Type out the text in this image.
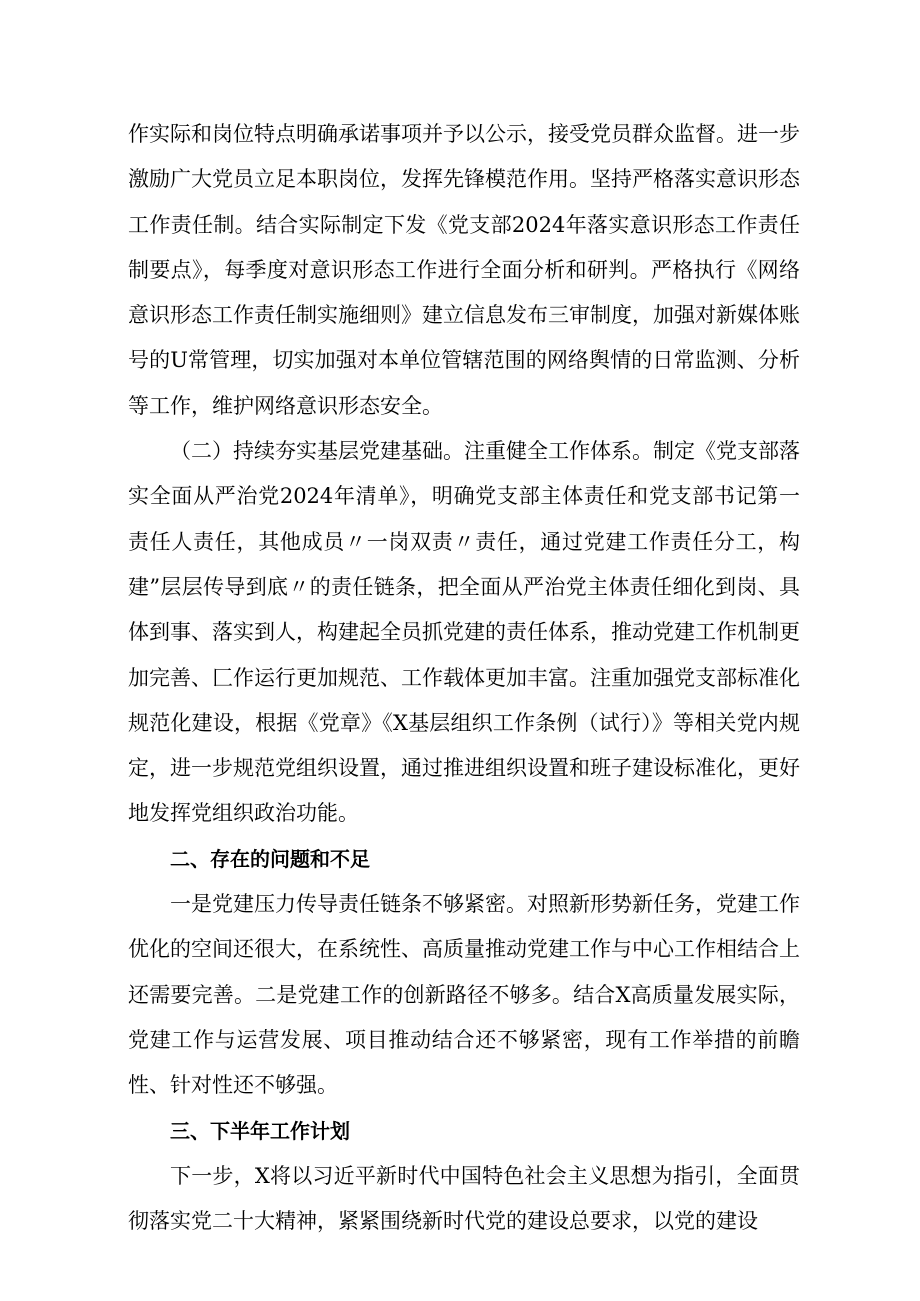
作实际和岗位特点明确承诺事项并予以公示，接受党员群众监督。进一步激励广大党员立足本职岗位，发挥先锋模范作用。坚持严格落实意识形态工作责任制。结合实际制定下发《党支部2024年落实意识形态工作责任制要点》，每季度对意识形态工作进行全面分析和研判。严格执行《网络意识形态工作责任制实施细则》建立信息发布三审制度，加强对新媒体账号的U常管理，切实加强对本单位管辖范围的网络舆情的日常监测、分析等工作，维护网络意识形态安全。

（二）持续夯实基层党建基础。注重健全工作体系。制定《党支部落实全面从严治党2024年清单》，明确党支部主体责任和党支部书记第一责任人责任，其他成员〃一岗双责〃责任，通过党建工作责任分工，构建”层层传导到底〃的责任链条，把全面从严治党主体责任细化到岗、具体到事、落实到人，构建起全员抓党建的责任体系，推动党建工作机制更加完善、匚作运行更加规范、工作载体更加丰富。注重加强党支部标准化规范化建设，根据《党章》《X基层组织工作条例（试行）》等相关党内规定，进一步规范党组织设置，通过推进组织设置和班子建设标准化，更好地发挥党组织政治功能。

二、存在的问题和不足

一是党建压力传导责任链条不够紧密。对照新形势新任务，党建工作优化的空间还很大，在系统性、高质量推动党建工作与中心工作相结合上还需要完善。二是党建工作的创新路径不够多。结合X高质量发展实际，党建工作与运营发展、项目推动结合还不够紧密，现有工作举措的前瞻性、针对性还不够强。

三、下半年工作计划

下一步，X将以习近平新时代中国特色社会主义思想为指引，全面贯彻落实党二十大精神，紧紧围绕新时代党的建设总要求，以党的建设
